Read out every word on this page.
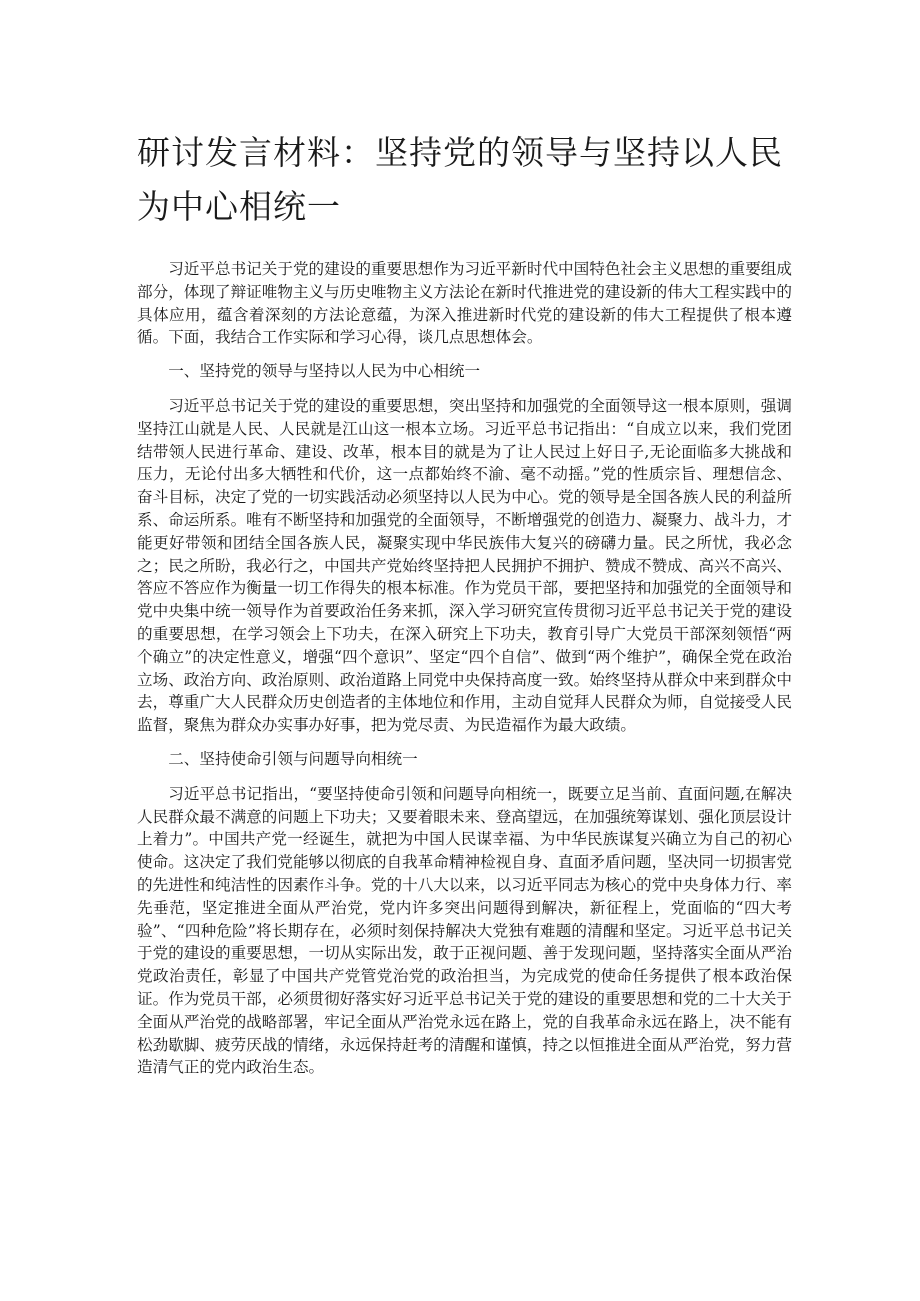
研讨发言材料：坚持党的领导与坚持以人民为中心相统一

习近平总书记关于党的建设的重要思想作为习近平新时代中国特色社会主义思想的重要组成部分，体现了辩证唯物主义与历史唯物主义方法论在新时代推进党的建设新的伟大工程实践中的具体应用，蕴含着深刻的方法论意蕴，为深入推进新时代党的建设新的伟大工程提供了根本遵循。下面，我结合工作实际和学习心得，谈几点思想体会。

一、坚持党的领导与坚持以人民为中心相统一

习近平总书记关于党的建设的重要思想，突出坚持和加强党的全面领导这一根本原则，强调坚持江山就是人民、人民就是江山这一根本立场。习近平总书记指出：“自成立以来，我们党团结带领人民进行革命、建设、改革，根本目的就是为了让人民过上好日子,无论面临多大挑战和压力，无论付出多大牺牲和代价，这一点都始终不渝、毫不动摇。”党的性质宗旨、理想信念、奋斗目标，决定了党的一切实践活动必须坚持以人民为中心。党的领导是全国各族人民的利益所系、命运所系。唯有不断坚持和加强党的全面领导，不断增强党的创造力、凝聚力、战斗力，才能更好带领和团结全国各族人民，凝聚实现中华民族伟大复兴的磅礴力量。民之所忧，我必念之；民之所盼，我必行之，中国共产党始终坚持把人民拥护不拥护、赞成不赞成、高兴不高兴、答应不答应作为衡量一切工作得失的根本标准。作为党员干部，要把坚持和加强党的全面领导和党中央集中统一领导作为首要政治任务来抓，深入学习研究宣传贯彻习近平总书记关于党的建设的重要思想，在学习领会上下功夫，在深入研究上下功夫，教育引导广大党员干部深刻领悟“两个确立”的决定性意义，增强“四个意识”、坚定“四个自信”、做到“两个维护”，确保全党在政治立场、政治方向、政治原则、政治道路上同党中央保持高度一致。始终坚持从群众中来到群众中去，尊重广大人民群众历史创造者的主体地位和作用，主动自觉拜人民群众为师，自觉接受人民监督，聚焦为群众办实事办好事，把为党尽责、为民造福作为最大政绩。

二、坚持使命引领与问题导向相统一

习近平总书记指出，“要坚持使命引领和问题导向相统一，既要立足当前、直面问题,在解决人民群众最不满意的问题上下功夫；又要着眼未来、登高望远，在加强统筹谋划、强化顶层设计上着力”。中国共产党一经诞生，就把为中国人民谋幸福、为中华民族谋复兴确立为自己的初心使命。这决定了我们党能够以彻底的自我革命精神检视自身、直面矛盾问题，坚决同一切损害党的先进性和纯洁性的因素作斗争。党的十八大以来，以习近平同志为核心的党中央身体力行、率先垂范，坚定推进全面从严治党，党内许多突出问题得到解决，新征程上，党面临的“四大考验”、“四种危险”将长期存在，必须时刻保持解决大党独有难题的清醒和坚定。习近平总书记关于党的建设的重要思想，一切从实际出发，敢于正视问题、善于发现问题，坚持落实全面从严治党政治责任，彰显了中国共产党管党治党的政治担当，为完成党的使命任务提供了根本政治保证。作为党员干部，必须贯彻好落实好习近平总书记关于党的建设的重要思想和党的二十大关于全面从严治党的战略部署，牢记全面从严治党永远在路上，党的自我革命永远在路上，决不能有松劲歇脚、疲劳厌战的情绪，永远保持赶考的清醒和谨慎，持之以恒推进全面从严治党，努力营造清气正的党内政治生态。
